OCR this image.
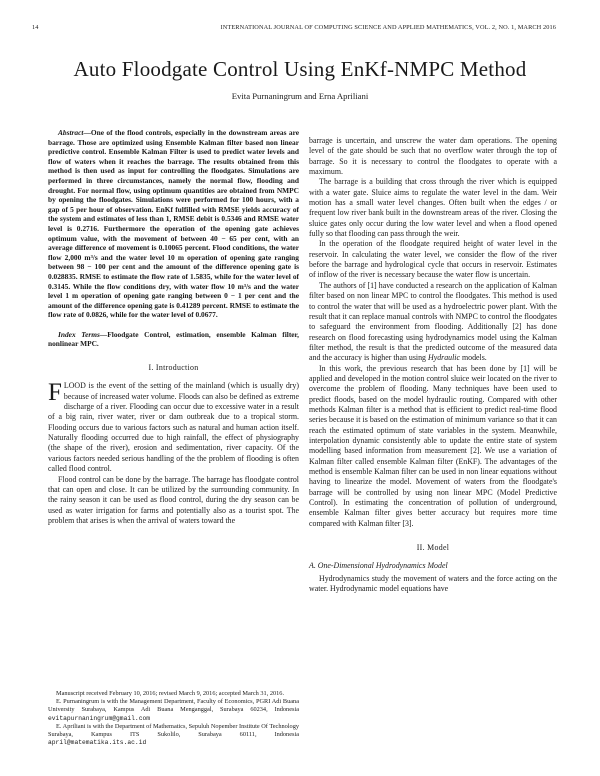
14	INTERNATIONAL JOURNAL OF COMPUTING SCIENCE AND APPLIED MATHEMATICS, VOL. 2, NO. 1, MARCH 2016
Auto Floodgate Control Using EnKf-NMPC Method
Evita Purnaningrum and Erna Apriliani
Abstract—One of the flood controls, especially in the downstream areas are barrage. Those are optimized using Ensemble Kalman filter based non linear predictive control. Ensemble Kalman Filter is used to predict water levels and flow of waters when it reaches the barrage. The results obtained from this method is then used as input for controlling the floodgates. Simulations are performed in three circumstances, namely the normal flow, flooding and drought. For normal flow, using optimum quantities are obtained from NMPC by opening the floodgates. Simulations were performed for 100 hours, with a gap of 5 per hour of observation. EnKf fulfilled with RMSE yields accuracy of the system and estimates of less than 1, RMSE debit is 0.5346 and RMSE water level is 0.2716. Furthermore the operation of the opening gate achieves optimum value, with the movement of between 40 − 65 per cent, with an average difference of movement is 0.10065 percent. Flood conditions, the water flow 2,000 m³/s and the water level 10 m operation of opening gate ranging between 98 − 100 per cent and the amount of the difference opening gate is 0.028835. RMSE to estimate the flow rate of 1.5835, while for the water level of 0.3145. While the flow conditions dry, with water flow 10 m³/s and the water level 1 m operation of opening gate ranging between 0 − 1 per cent and the amount of the difference opening gate is 0.41289 percent. RMSE to estimate the flow rate of 0.0826, while for the water level of 0.0677.
Index Terms—Floodgate Control, estimation, ensemble Kalman filter, nonlinear MPC.
I. Introduction

FLOOD is the event of the setting of the mainland (which is usually dry) because of increased water volume. Floods can also be defined as extreme discharge of a river. Flooding can occur due to excessive water in a result of a big rain, river water, river or dam outbreak due to a tropical storm. Flooding occurs due to various factors such as natural and human action itself. Naturally flooding occurred due to high rainfall, the effect of physiography (the shape of the river), erosion and sedimentation, river capacity. Of the various factors needed serious handling of the the problem of flooding is often called flood control.

Flood control can be done by the barrage. The barrage has floodgate control that can open and close. It can be utilized by the surrounding community. In the rainy season it can be used as flood control, during the dry season can be used as water irrigation for farms and potentially also as a tourist spot. The problem that arises is when the arrival of waters toward the

Manuscript received February 10, 2016; revised March 9, 2016; accepted March 31, 2016.

E. Purnaningrum is with the Management Department, Faculty of Economics, PGRI Adi Buana University Surabaya, Kampus Adi Buana Menganggal, Surabaya 60234, Indonesia evitapurnaningrum@gmail.com

E. Apriliani is with the Department of Mathematics, Sepuluh Nopember Institute Of Technology Surabaya, Kampus ITS Sukolilo, Surabaya 60111, Indonesia april@matematika.its.ac.id

barrage is uncertain, and unscrew the water dam operations. The opening level of the gate should be such that no overflow water through the top of barrage. So it is necessary to control the floodgates to operate with a maximum.

The barrage is a building that cross through the river which is equipped with a water gate. Sluice aims to regulate the water level in the dam. Weir motion has a small water level changes. Often built when the edges / or frequent low river bank built in the downstream areas of the river. Closing the sluice gates only occur during the low water level and when a flood opened fully so that flooding can pass through the weir.

In the operation of the floodgate required height of water level in the reservoir. In calculating the water level, we consider the flow of the river before the barrage and hydrological cycle that occurs in reservoir. Estimates of inflow of the river is necessary because the water flow is uncertain.

The authors of [1] have conducted a research on the application of Kalman filter based on non linear MPC to control the floodgates. This method is used to control the water that will be used as a hydroelectric power plant. With the result that it can replace manual controls with NMPC to control the floodgates to safeguard the environment from flooding. Additionally [2] has done research on flood forecasting using hydrodynamics model using the Kalman filter method, the result is that the predicted outcome of the measured data and the accuracy is higher than using Hydraulic models.

In this work, the previous research that has been done by [1] will be applied and developed in the motion control sluice weir located on the river to overcome the problem of flooding. Many techniques have been used to predict floods, based on the model hydraulic routing. Compared with other methods Kalman filter is a method that is efficient to predict real-time flood series because it is based on the estimation of minimum variance so that it can reach the estimated optimum of state variables in the system. Meanwhile, interpolation dynamic consistently able to update the entire state of system modelling based information from measurement [2]. We use a variation of Kalman filter called ensemble Kalman filter (EnKF). The advantages of the method is ensemble Kalman filter can be used in non linear equations without having to linearize the model. Movement of waters from the floodgate's barrage will be controlled by using non linear MPC (Model Predictive Control). In estimating the concentration of pollution of underground, ensemble Kalman filter gives better accuracy but requires more time compared with Kalman filter [3].

II. Model
A. One-Dimensional Hydrodynamics Model

Hydrodynamics study the movement of waters and the force acting on the water. Hydrodynamic model equations have
